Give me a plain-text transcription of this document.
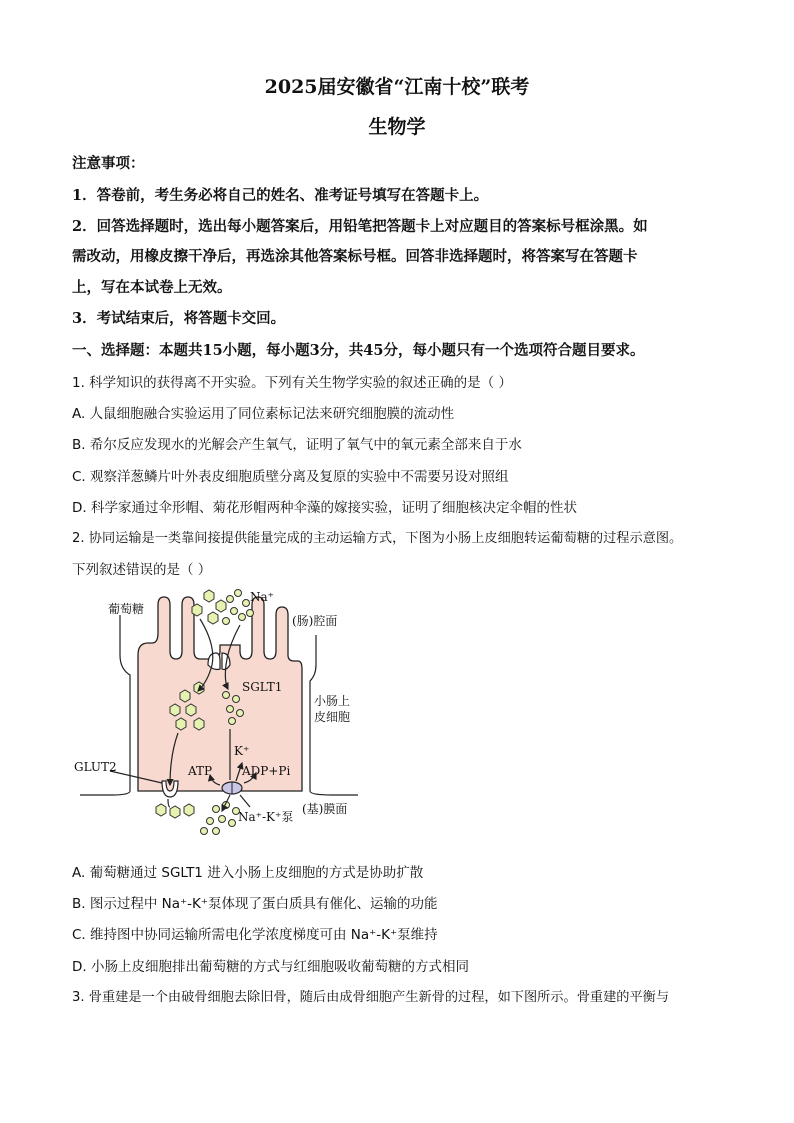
2025届安徽省“江南十校”联考
生物学
注意事项：
1．答卷前，考生务必将自己的姓名、准考证号填写在答题卡上。
2．回答选择题时，选出每小题答案后，用铅笔把答题卡上对应题目的答案标号框涂黑。如
需改动，用橡皮擦干净后，再选涂其他答案标号框。回答非选择题时，将答案写在答题卡
上，写在本试卷上无效。
3．考试结束后，将答题卡交回。
一、选择题：本题共15小题，每小题3分，共45分，每小题只有一个选项符合题目要求。
1. 科学知识的获得离不开实验。下列有关生物学实验的叙述正确的是（ ）
A. 人鼠细胞融合实验运用了同位素标记法来研究细胞膜的流动性
B. 希尔反应发现水的光解会产生氧气，证明了氧气中的氧元素全部来自于水
C. 观察洋葱鳞片叶外表皮细胞质壁分离及复原的实验中不需要另设对照组
D. 科学家通过伞形帽、菊花形帽两种伞藻的嫁接实验，证明了细胞核决定伞帽的性状
2. 协同运输是一类靠间接提供能量完成的主动运输方式，下图为小肠上皮细胞转运葡萄糖的过程示意图。
下列叙述错误的是（ ）
葡萄糖
Na⁺
(肠)腔面
SGLT1
小肠上
皮细胞
K⁺
GLUT2	ATP ADP+Pi
(基)膜面
Na⁺-K⁺泵
A. 葡萄糖通过 SGLT1 进入小肠上皮细胞的方式是协助扩散
B. 图示过程中 Na⁺-K⁺泵体现了蛋白质具有催化、运输的功能
C. 维持图中协同运输所需电化学浓度梯度可由 Na⁺-K⁺泵维持
D. 小肠上皮细胞排出葡萄糖的方式与红细胞吸收葡萄糖的方式相同
3. 骨重建是一个由破骨细胞去除旧骨，随后由成骨细胞产生新骨的过程，如下图所示。骨重建的平衡与
